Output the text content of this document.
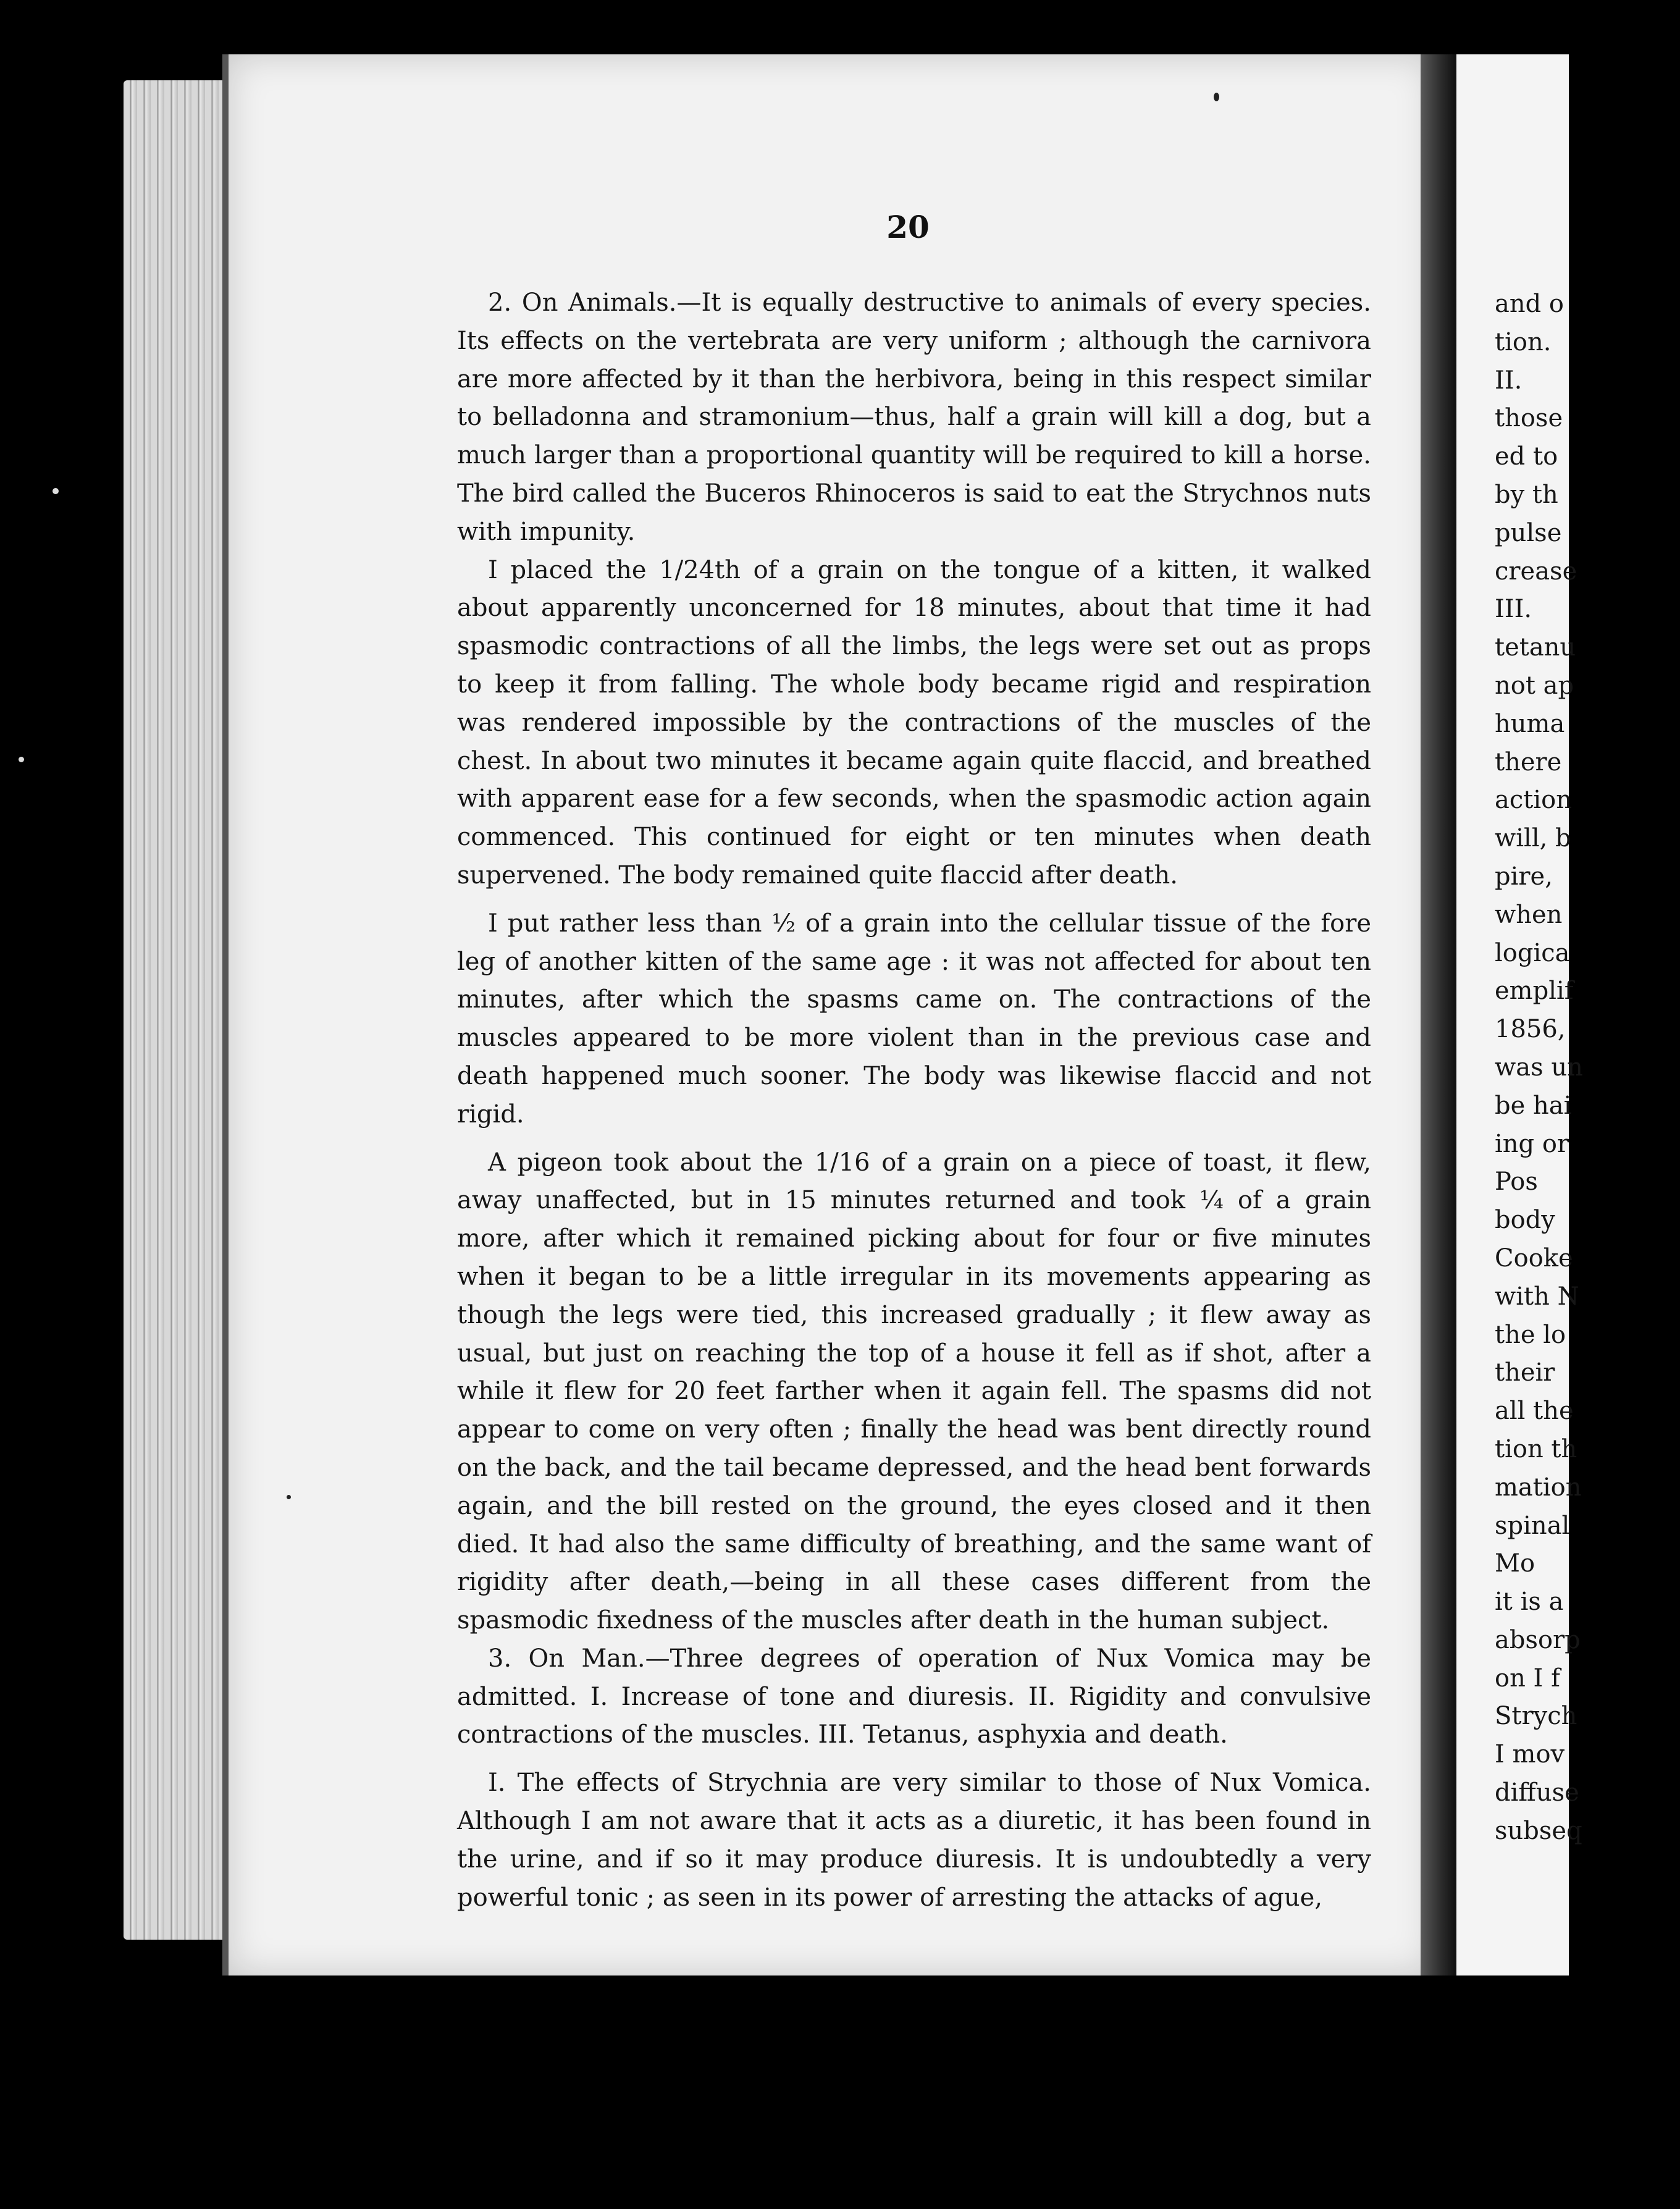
20

2. On Animals.—It is equally destructive to animals of every species. Its effects on the vertebrata are very uniform ; although the carnivora are more affected by it than the herbivora, being in this respect similar to belladonna and stramonium—thus, half a grain will kill a dog, but a much larger than a proportional quantity will be required to kill a horse. The bird called the Buceros Rhinoceros is said to eat the Strychnos nuts with impunity.

I placed the 1/24th of a grain on the tongue of a kitten, it walked about apparently unconcerned for 18 minutes, about that time it had spasmodic contractions of all the limbs, the legs were set out as props to keep it from falling. The whole body became rigid and respiration was rendered impossible by the contractions of the muscles of the chest. In about two minutes it became again quite flaccid, and breathed with apparent ease for a few seconds, when the spasmodic action again commenced. This continued for eight or ten minutes when death supervened. The body remained quite flaccid after death.

I put rather less than ½ of a grain into the cellular tissue of the fore leg of another kitten of the same age : it was not affected for about ten minutes, after which the spasms came on. The contractions of the muscles appeared to be more violent than in the previous case and death happened much sooner. The body was likewise flaccid and not rigid.

A pigeon took about the 1/16 of a grain on a piece of toast, it flew, away unaffected, but in 15 minutes returned and took ¼ of a grain more, after which it remained picking about for four or five minutes when it began to be a little irregular in its movements appearing as though the legs were tied, this increased gradually ; it flew away as usual, but just on reaching the top of a house it fell as if shot, after a while it flew for 20 feet farther when it again fell. The spasms did not appear to come on very often ; finally the head was bent directly round on the back, and the tail became depressed, and the head bent forwards again, and the bill rested on the ground, the eyes closed and it then died. It had also the same difficulty of breathing, and the same want of rigidity after death,—being in all these cases different from the spasmodic fixedness of the muscles after death in the human subject.

3. On Man.—Three degrees of operation of Nux Vomica may be admitted. I. Increase of tone and diuresis. II. Rigidity and convulsive contractions of the muscles. III. Tetanus, asphyxia and death.

I. The effects of Strychnia are very similar to those of Nux Vomica. Although I am not aware that it acts as a diuretic, it has been found in the urine, and if so it may produce diuresis. It is undoubtedly a very powerful tonic ; as seen in its power of arresting the attacks of ague,

and o
tion.
II.
those
ed to
by th
pulse
crease
III.
tetanu
not ap
huma
there
action
will, b
pire,
when
logica
emplif
1856,
was un
be hai
ing or
Pos
body
Cooke
with N
the lo
their
all the
tion th
mation
spinal
Mo
it is a
absorp
on I f
Strych
I mov
diffuse
subseq
